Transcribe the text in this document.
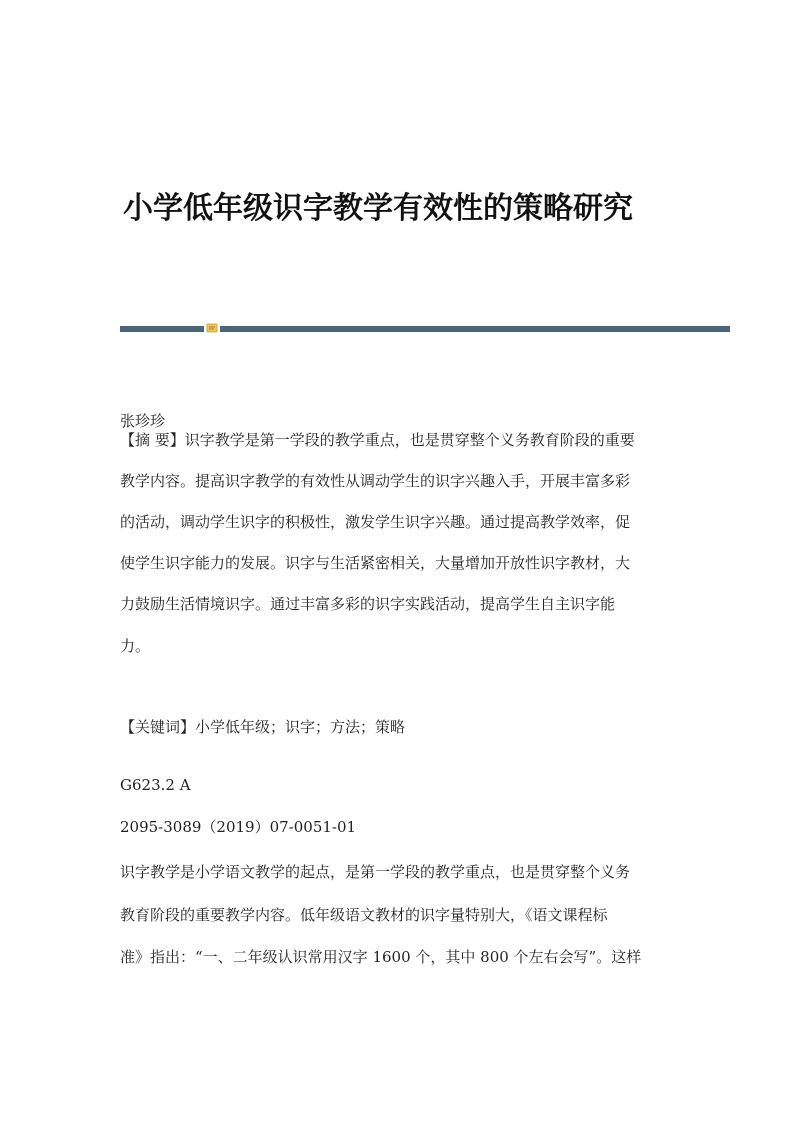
小学低年级识字教学有效性的策略研究
张珍珍
【摘 要】识字教学是第一学段的教学重点，也是贯穿整个义务教育阶段的重要
教学内容。提高识字教学的有效性从调动学生的识字兴趣入手，开展丰富多彩
的活动，调动学生识字的积极性，激发学生识字兴趣。通过提高教学效率，促
使学生识字能力的发展。识字与生活紧密相关，大量增加开放性识字教材，大
力鼓励生活情境识字。通过丰富多彩的识字实践活动，提高学生自主识字能
力。
【关键词】小学低年级；识字；方法；策略
G623.2 A
2095-3089（2019）07-0051-01
识字教学是小学语文教学的起点，是第一学段的教学重点，也是贯穿整个义务
教育阶段的重要教学内容。低年级语文教材的识字量特别大，《语文课程标
准》指出：“一、二年级认识常用汉字 1600 个，其中 800 个左右会写”。这样
